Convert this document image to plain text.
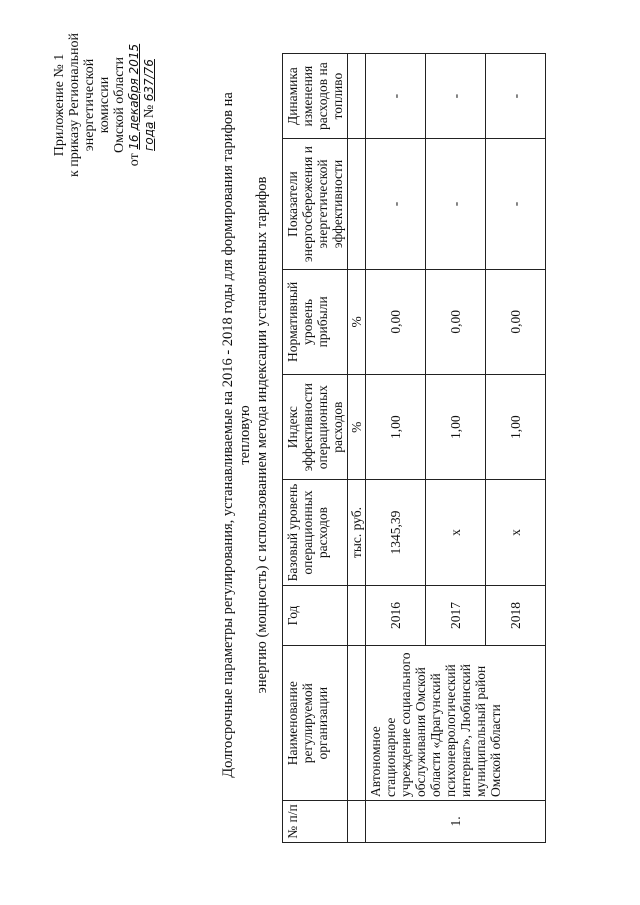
Приложение № 1 к приказу Региональной энергетической комиссии Омской области
от 16 декабря 2015 года № 637/76
Долгосрочные параметры регулирования, устанавливаемые на 2016 - 2018 годы для формирования тарифов на тепловую энергию (мощность) с использованием метода индексации установленных тарифов
№ п/п	Наименование регулируемой организации	Год	Базовый уровень операционных расходов	Индекс эффективности операционных расходов	Нормативный уровень прибыли	Показатели энергосбережения и энергетической эффективности	Динамика изменения расходов на топливо
			тыс. руб.	%	%		
1.	Автономное стационарное учреждение социального обслуживания Омской области «Драгунский психоневрологический интернат», Любинский муниципальный район Омской области	2016	1345,39	1,00	0,00	-	-
		2017	x	1,00	0,00	-	-
		2018	x	1,00	0,00	-	-
